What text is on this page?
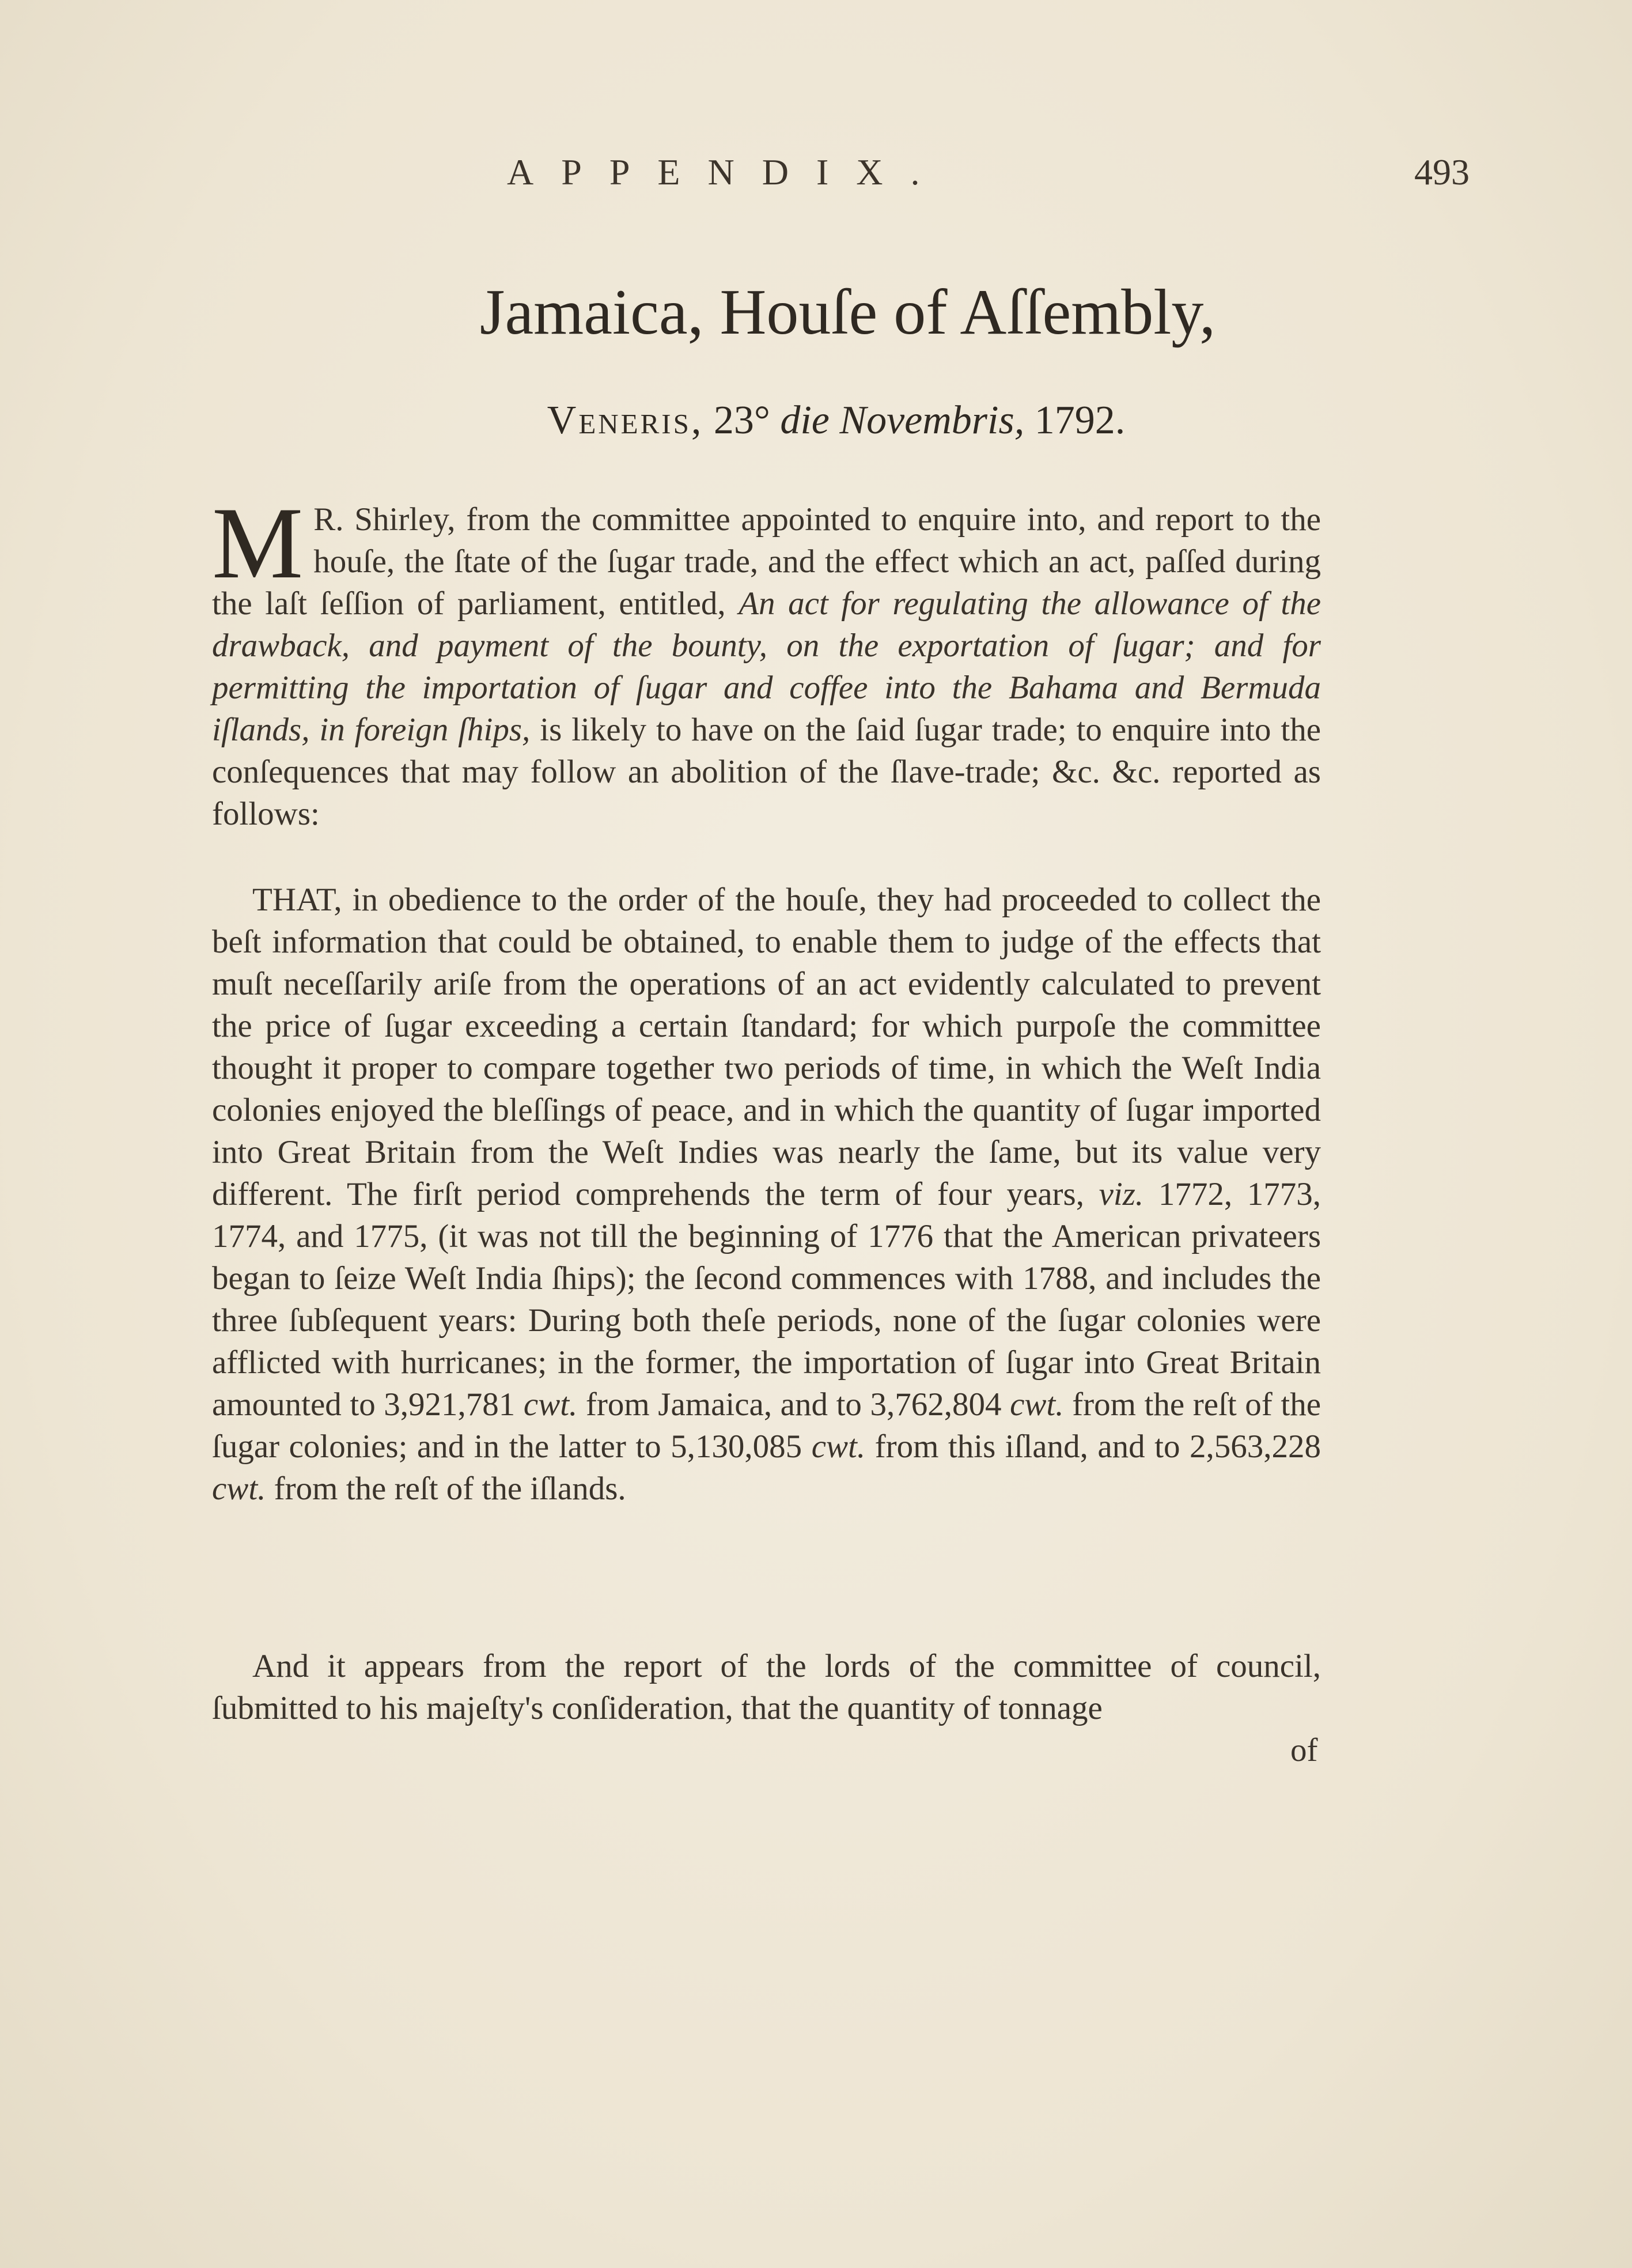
APPENDIX.	493
Jamaica, Houſe of Aſſembly,
Veneris, 23° die Novembris, 1792.
M R. Shirley, from the committee appointed to enquire into, and report to the houſe, the ſtate of the ſugar trade, and the effect which an act, paſſed during the laſt ſeſſion of parliament, entitled, An act for regulating the allowance of the drawback, and payment of the bounty, on the exportation of ſugar; and for permitting the importation of ſugar and coffee into the Bahama and Bermuda iſlands, in foreign ſhips, is likely to have on the ſaid ſugar trade; to enquire into the conſequences that may follow an abolition of the ſlave-trade; &c. &c. reported as follows:
THAT, in obedience to the order of the houſe, they had proceeded to collect the beſt information that could be obtained, to enable them to judge of the effects that muſt neceſſarily ariſe from the operations of an act evidently calculated to prevent the price of ſugar exceeding a certain ſtandard; for which purpoſe the committee thought it proper to compare together two periods of time, in which the Weſt India colonies enjoyed the bleſſings of peace, and in which the quantity of ſugar imported into Great Britain from the Weſt Indies was nearly the ſame, but its value very different. The firſt period comprehends the term of four years, viz. 1772, 1773, 1774, and 1775, (it was not till the beginning of 1776 that the American privateers began to ſeize Weſt India ſhips); the ſecond commences with 1788, and includes the three ſubſequent years: During both theſe periods, none of the ſugar colonies were afflicted with hurricanes; in the former, the importation of ſugar into Great Britain amounted to 3,921,781 cwt. from Jamaica, and to 3,762,804 cwt. from the reſt of the ſugar colonies; and in the latter to 5,130,085 cwt. from this iſland, and to 2,563,228 cwt. from the reſt of the iſlands.
And it appears from the report of the lords of the committee of council, ſubmitted to his majeſty's conſideration, that the quantity of tonnage
of
